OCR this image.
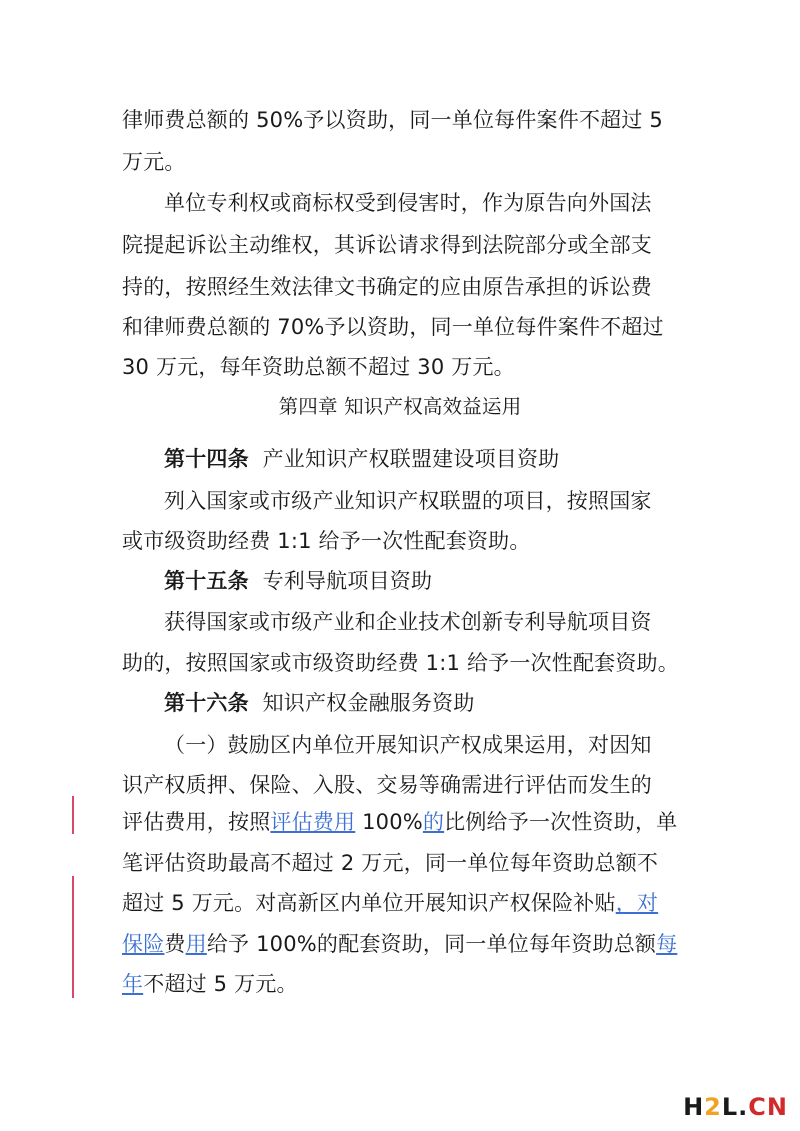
律师费总额的 50%予以资助，同一单位每件案件不超过 5
万元。
单位专利权或商标权受到侵害时，作为原告向外国法
院提起诉讼主动维权，其诉讼请求得到法院部分或全部支
持的，按照经生效法律文书确定的应由原告承担的诉讼费
和律师费总额的 70%予以资助，同一单位每件案件不超过
30 万元，每年资助总额不超过 30 万元。
第四章 知识产权高效益运用
第十四条 产业知识产权联盟建设项目资助
列入国家或市级产业知识产权联盟的项目，按照国家
或市级资助经费 1:1 给予一次性配套资助。
第十五条 专利导航项目资助
获得国家或市级产业和企业技术创新专利导航项目资
助的，按照国家或市级资助经费 1:1 给予一次性配套资助。
第十六条 知识产权金融服务资助
（一）鼓励区内单位开展知识产权成果运用，对因知
识产权质押、保险、入股、交易等确需进行评估而发生的
评估费用，按照评估费用 100%的比例给予一次性资助，单
笔评估资助最高不超过 2 万元，同一单位每年资助总额不
超过 5 万元。对高新区内单位开展知识产权保险补贴，对
保险费用给予 100%的配套资助，同一单位每年资助总额每
年不超过 5 万元。
H2L.CN
